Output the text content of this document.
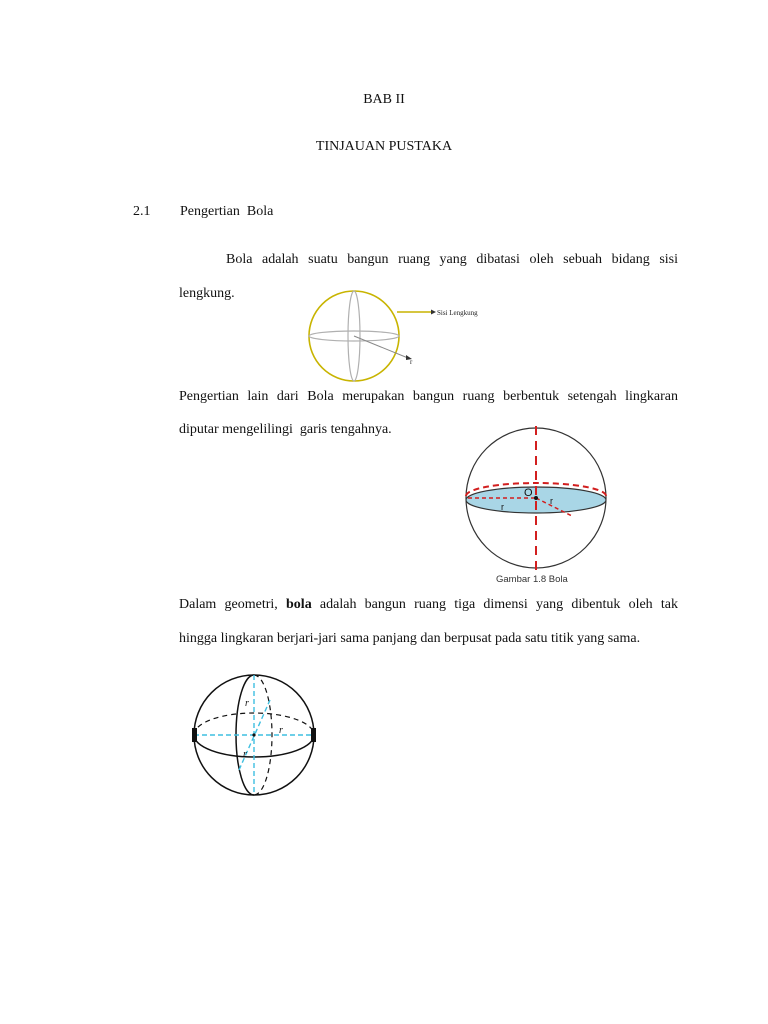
BAB II
TINJAUAN PUSTAKA
2.1 Pengertian  Bola
Bola adalah suatu bangun ruang yang dibatasi oleh sebuah bidang sisi
lengkung.
Sisi Lengkung
r
Pengertian lain dari Bola merupakan bangun ruang berbentuk setengah lingkaran
diputar mengelilingi  garis tengahnya.
O
r
r
Gambar 1.8 Bola
Dalam geometri, bola adalah bangun ruang tiga dimensi yang dibentuk oleh tak
hingga lingkaran berjari-jari sama panjang dan berpusat pada satu titik yang sama.
r
r
r
